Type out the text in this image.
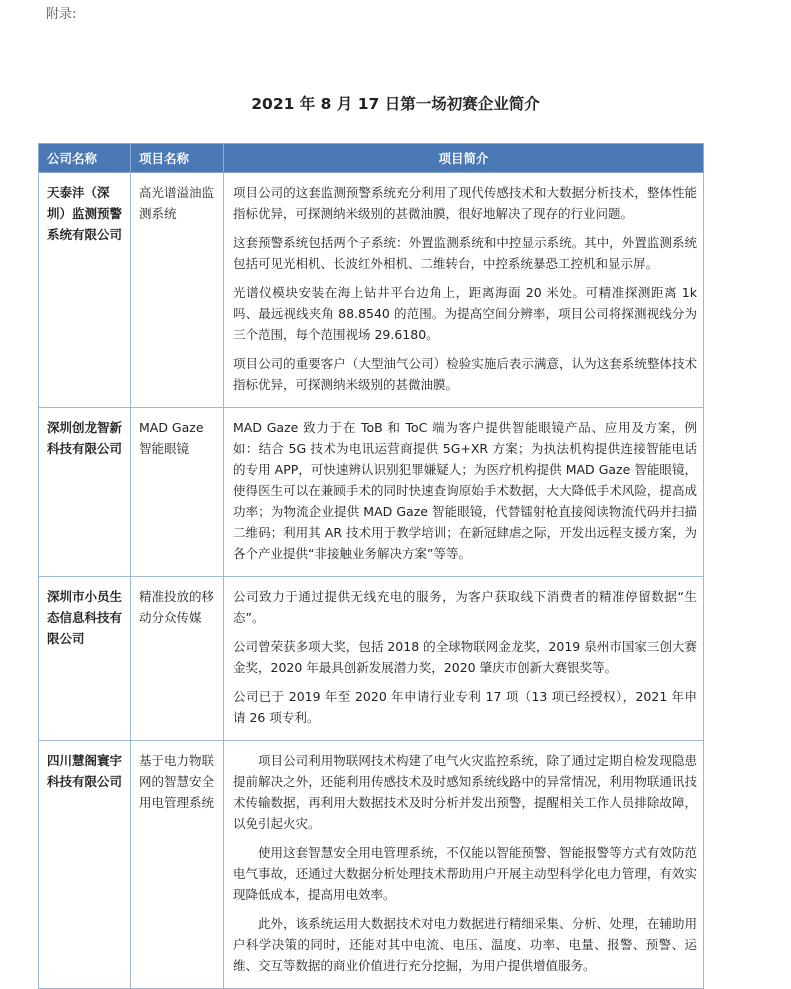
附录:
2021 年 8 月 17 日第一场初赛企业简介
公司名称	项目名称	项目简介
天泰沣（深圳）监测预警系统有限公司	高光谱溢油监测系统	项目公司的这套监测预警系统充分利用了现代传感技术和大数据分析技术，整体性能指标优异，可探测纳米级别的甚微油膜，很好地解决了现存的行业问题。

这套预警系统包括两个子系统：外置监测系统和中控显示系统。其中，外置监测系统包括可见光相机、长波红外相机、二维转台，中控系统暴恐工控机和显示屏。

光谱仪模块安装在海上钻井平台边角上，距离海面 20 米处。可精准探测距离 1k 吗、最远视线夹角 88.8540 的范围。为提高空间分辨率，项目公司将探测视线分为三个范围，每个范围视场 29.6180。

项目公司的重要客户（大型油气公司）检验实施后表示满意，认为这套系统整体技术指标优异，可探测纳米级别的甚微油膜。

深圳创龙智新科技有限公司	MAD Gaze 智能眼镜	MAD Gaze 致力于在 ToB 和 ToC 端为客户提供智能眼镜产品、应用及方案，例如：结合 5G 技术为电讯运营商提供 5G+XR 方案；为执法机构提供连接智能电话的专用 APP，可快速辨认识别犯罪嫌疑人；为医疗机构提供 MAD Gaze 智能眼镜，使得医生可以在兼顾手术的同时快速查询原始手术数据，大大降低手术风险，提高成功率；为物流企业提供 MAD Gaze 智能眼镜，代替镭射枪直接阅读物流代码并扫描二维码；利用其 AR 技术用于教学培训；在新冠肆虐之际，开发出远程支援方案，为各个产业提供“非接触业务解决方案”等等。

深圳市小员生态信息科技有限公司	精准投放的移动分众传媒	公司致力于通过提供无线充电的服务，为客户获取线下消费者的精准停留数据“生态”。

公司曾荣获多项大奖，包括 2018 的全球物联网金龙奖，2019 泉州市国家三创大赛金奖，2020 年最具创新发展潜力奖，2020 肇庆市创新大赛银奖等。

公司已于 2019 年至 2020 年申请行业专利 17 项（13 项已经授权），2021 年申请 26 项专利。

四川慧阁寰宇科技有限公司	基于电力物联网的智慧安全用电管理系统	项目公司利用物联网技术构建了电气火灾监控系统，除了通过定期自检发现隐患提前解决之外，还能利用传感技术及时感知系统线路中的异常情况，利用物联通讯技术传输数据，再利用大数据技术及时分析并发出预警，提醒相关工作人员排除故障，以免引起火灾。

使用这套智慧安全用电管理系统，不仅能以智能预警、智能报警等方式有效防范电气事故，还通过大数据分析处理技术帮助用户开展主动型科学化电力管理，有效实现降低成本，提高用电效率。

此外，该系统运用大数据技术对电力数据进行精细采集、分析、处理，在辅助用户科学决策的同时，还能对其中电流、电压、温度、功率、电量、报警、预警、运维、交互等数据的商业价值进行充分挖掘，为用户提供增值服务。
